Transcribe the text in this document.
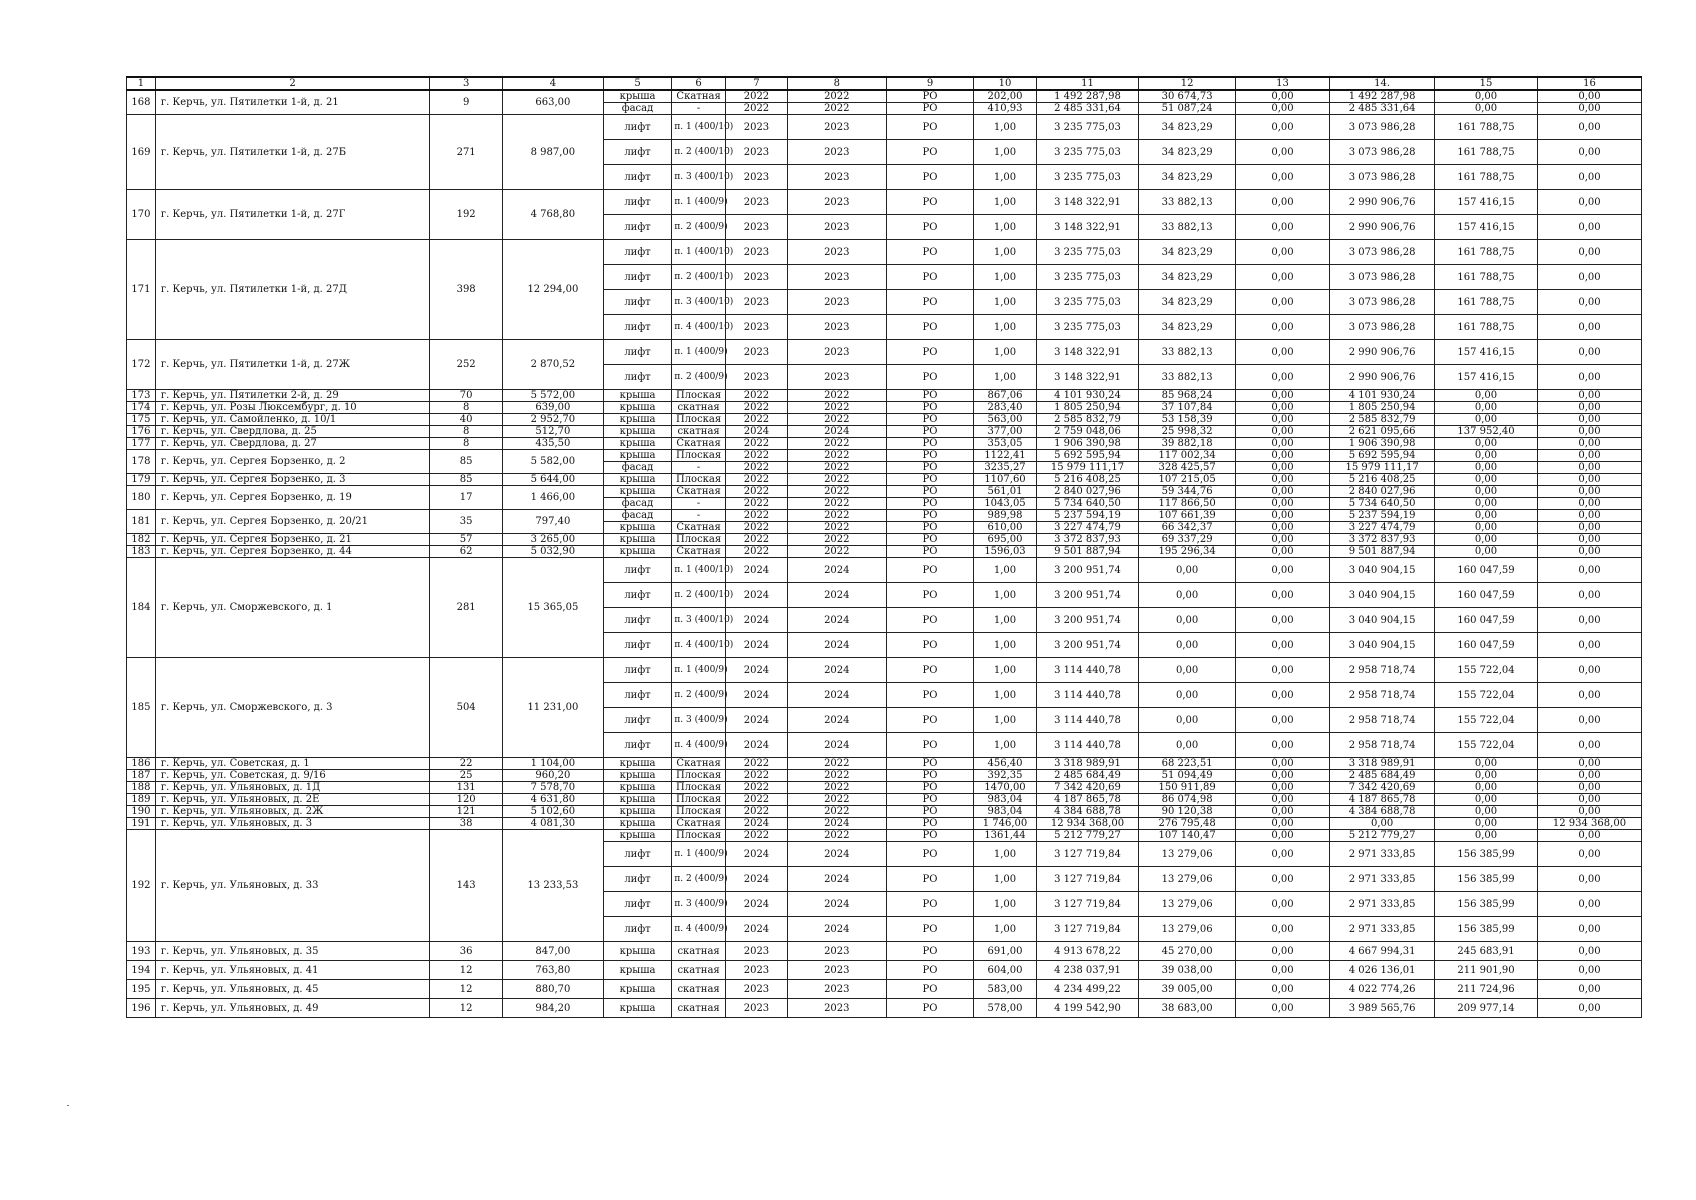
1	2	3	4	5	6	7	8	9	10	11	12	13	14.	15	16
168	г. Керчь, ул. Пятилетки 1-й, д. 21	9	663,00	крыша	Скатная	2022	2022	РО	202,00	1 492 287,98	30 674,73	0,00	1 492 287,98	0,00	0,00
				фасад	-	2022	2022	РО	410,93	2 485 331,64	51 087,24	0,00	2 485 331,64	0,00	0,00
169	г. Керчь, ул. Пятилетки 1-й, д. 27Б	271	8 987,00	лифт	п. 1 (400/10)	2023	2023	РО	1,00	3 235 775,03	34 823,29	0,00	3 073 986,28	161 788,75	0,00
				лифт	п. 2 (400/10)	2023	2023	РО	1,00	3 235 775,03	34 823,29	0,00	3 073 986,28	161 788,75	0,00
				лифт	п. 3 (400/10)	2023	2023	РО	1,00	3 235 775,03	34 823,29	0,00	3 073 986,28	161 788,75	0,00
170	г. Керчь, ул. Пятилетки 1-й, д. 27Г	192	4 768,80	лифт	п. 1 (400/9)	2023	2023	РО	1,00	3 148 322,91	33 882,13	0,00	2 990 906,76	157 416,15	0,00
				лифт	п. 2 (400/9)	2023	2023	РО	1,00	3 148 322,91	33 882,13	0,00	2 990 906,76	157 416,15	0,00
171	г. Керчь, ул. Пятилетки 1-й, д. 27Д	398	12 294,00	лифт	п. 1 (400/10)	2023	2023	РО	1,00	3 235 775,03	34 823,29	0,00	3 073 986,28	161 788,75	0,00
				лифт	п. 2 (400/10)	2023	2023	РО	1,00	3 235 775,03	34 823,29	0,00	3 073 986,28	161 788,75	0,00
				лифт	п. 3 (400/10)	2023	2023	РО	1,00	3 235 775,03	34 823,29	0,00	3 073 986,28	161 788,75	0,00
				лифт	п. 4 (400/10)	2023	2023	РО	1,00	3 235 775,03	34 823,29	0,00	3 073 986,28	161 788,75	0,00
172	г. Керчь, ул. Пятилетки 1-й, д. 27Ж	252	2 870,52	лифт	п. 1 (400/9)	2023	2023	РО	1,00	3 148 322,91	33 882,13	0,00	2 990 906,76	157 416,15	0,00
				лифт	п. 2 (400/9)	2023	2023	РО	1,00	3 148 322,91	33 882,13	0,00	2 990 906,76	157 416,15	0,00
173	г. Керчь, ул. Пятилетки 2-й, д. 29	70	5 572,00	крыша	Плоская	2022	2022	РО	867,06	4 101 930,24	85 968,24	0,00	4 101 930,24	0,00	0,00
174	г. Керчь, ул. Розы Люксембург, д. 10	8	639,00	крыша	скатная	2022	2022	РО	283,40	1 805 250,94	37 107,84	0,00	1 805 250,94	0,00	0,00
175	г. Керчь, ул. Самойленко, д. 10/1	40	2 952,70	крыша	Плоская	2022	2022	РО	563,00	2 585 832,79	53 158,39	0,00	2 585 832,79	0,00	0,00
176	г. Керчь, ул. Свердлова, д. 25	8	512,70	крыша	скатная	2024	2024	РО	377,00	2 759 048,06	25 998,32	0,00	2 621 095,66	137 952,40	0,00
177	г. Керчь, ул. Свердлова, д. 27	8	435,50	крыша	Скатная	2022	2022	РО	353,05	1 906 390,98	39 882,18	0,00	1 906 390,98	0,00	0,00
178	г. Керчь, ул. Сергея Борзенко, д. 2	85	5 582,00	крыша	Плоская	2022	2022	РО	1122,41	5 692 595,94	117 002,34	0,00	5 692 595,94	0,00	0,00
				фасад	-	2022	2022	РО	3235,27	15 979 111,17	328 425,57	0,00	15 979 111,17	0,00	0,00
179	г. Керчь, ул. Сергея Борзенко, д. 3	85	5 644,00	крыша	Плоская	2022	2022	РО	1107,60	5 216 408,25	107 215,05	0,00	5 216 408,25	0,00	0,00
180	г. Керчь, ул. Сергея Борзенко, д. 19	17	1 466,00	крыша	Скатная	2022	2022	РО	561,01	2 840 027,96	59 344,76	0,00	2 840 027,96	0,00	0,00
				фасад	-	2022	2022	РО	1043,05	5 734 640,50	117 866,50	0,00	5 734 640,50	0,00	0,00
181	г. Керчь, ул. Сергея Борзенко, д. 20/21	35	797,40	фасад	-	2022	2022	РО	989,98	5 237 594,19	107 661,39	0,00	5 237 594,19	0,00	0,00
				крыша	Скатная	2022	2022	РО	610,00	3 227 474,79	66 342,37	0,00	3 227 474,79	0,00	0,00
182	г. Керчь, ул. Сергея Борзенко, д. 21	57	3 265,00	крыша	Плоская	2022	2022	РО	695,00	3 372 837,93	69 337,29	0,00	3 372 837,93	0,00	0,00
183	г. Керчь, ул. Сергея Борзенко, д. 44	62	5 032,90	крыша	Скатная	2022	2022	РО	1596,03	9 501 887,94	195 296,34	0,00	9 501 887,94	0,00	0,00
184	г. Керчь, ул. Сморжевского, д. 1	281	15 365,05	лифт	п. 1 (400/10)	2024	2024	РО	1,00	3 200 951,74	0,00	0,00	3 040 904,15	160 047,59	0,00
				лифт	п. 2 (400/10)	2024	2024	РО	1,00	3 200 951,74	0,00	0,00	3 040 904,15	160 047,59	0,00
				лифт	п. 3 (400/10)	2024	2024	РО	1,00	3 200 951,74	0,00	0,00	3 040 904,15	160 047,59	0,00
				лифт	п. 4 (400/10)	2024	2024	РО	1,00	3 200 951,74	0,00	0,00	3 040 904,15	160 047,59	0,00
185	г. Керчь, ул. Сморжевского, д. 3	504	11 231,00	лифт	п. 1 (400/9)	2024	2024	РО	1,00	3 114 440,78	0,00	0,00	2 958 718,74	155 722,04	0,00
				лифт	п. 2 (400/9)	2024	2024	РО	1,00	3 114 440,78	0,00	0,00	2 958 718,74	155 722,04	0,00
				лифт	п. 3 (400/9)	2024	2024	РО	1,00	3 114 440,78	0,00	0,00	2 958 718,74	155 722,04	0,00
				лифт	п. 4 (400/9)	2024	2024	РО	1,00	3 114 440,78	0,00	0,00	2 958 718,74	155 722,04	0,00
186	г. Керчь, ул. Советская, д. 1	22	1 104,00	крыша	Скатная	2022	2022	РО	456,40	3 318 989,91	68 223,51	0,00	3 318 989,91	0,00	0,00
187	г. Керчь, ул. Советская, д. 9/16	25	960,20	крыша	Плоская	2022	2022	РО	392,35	2 485 684,49	51 094,49	0,00	2 485 684,49	0,00	0,00
188	г. Керчь, ул. Ульяновых, д. 1Д	131	7 578,70	крыша	Плоская	2022	2022	РО	1470,00	7 342 420,69	150 911,89	0,00	7 342 420,69	0,00	0,00
189	г. Керчь, ул. Ульяновых, д. 2Е	120	4 631,80	крыша	Плоская	2022	2022	РО	983,04	4 187 865,78	86 074,98	0,00	4 187 865,78	0,00	0,00
190	г. Керчь, ул. Ульяновых, д. 2Ж	121	5 102,60	крыша	Плоская	2022	2022	РО	983,04	4 384 688,78	90 120,38	0,00	4 384 688,78	0,00	0,00
191	г. Керчь, ул. Ульяновых, д. 3	38	4 081,30	крыша	Скатная	2024	2024	РО	1 746,00	12 934 368,00	276 795,48	0,00	0,00	0,00	12 934 368,00
192	г. Керчь, ул. Ульяновых, д. 33	143	13 233,53	крыша	Плоская	2022	2022	РО	1361,44	5 212 779,27	107 140,47	0,00	5 212 779,27	0,00	0,00
				лифт	п. 1 (400/9)	2024	2024	РО	1,00	3 127 719,84	13 279,06	0,00	2 971 333,85	156 385,99	0,00
				лифт	п. 2 (400/9)	2024	2024	РО	1,00	3 127 719,84	13 279,06	0,00	2 971 333,85	156 385,99	0,00
				лифт	п. 3 (400/9)	2024	2024	РО	1,00	3 127 719,84	13 279,06	0,00	2 971 333,85	156 385,99	0,00
				лифт	п. 4 (400/9)	2024	2024	РО	1,00	3 127 719,84	13 279,06	0,00	2 971 333,85	156 385,99	0,00
193	г. Керчь, ул. Ульяновых, д. 35	36	847,00	крыша	скатная	2023	2023	РО	691,00	4 913 678,22	45 270,00	0,00	4 667 994,31	245 683,91	0,00
194	г. Керчь, ул. Ульяновых, д. 41	12	763,80	крыша	скатная	2023	2023	РО	604,00	4 238 037,91	39 038,00	0,00	4 026 136,01	211 901,90	0,00
195	г. Керчь, ул. Ульяновых, д. 45	12	880,70	крыша	скатная	2023	2023	РО	583,00	4 234 499,22	39 005,00	0,00	4 022 774,26	211 724,96	0,00
196	г. Керчь, ул. Ульяновых, д. 49	12	984,20	крыша	скатная	2023	2023	РО	578,00	4 199 542,90	38 683,00	0,00	3 989 565,76	209 977,14	0,00
